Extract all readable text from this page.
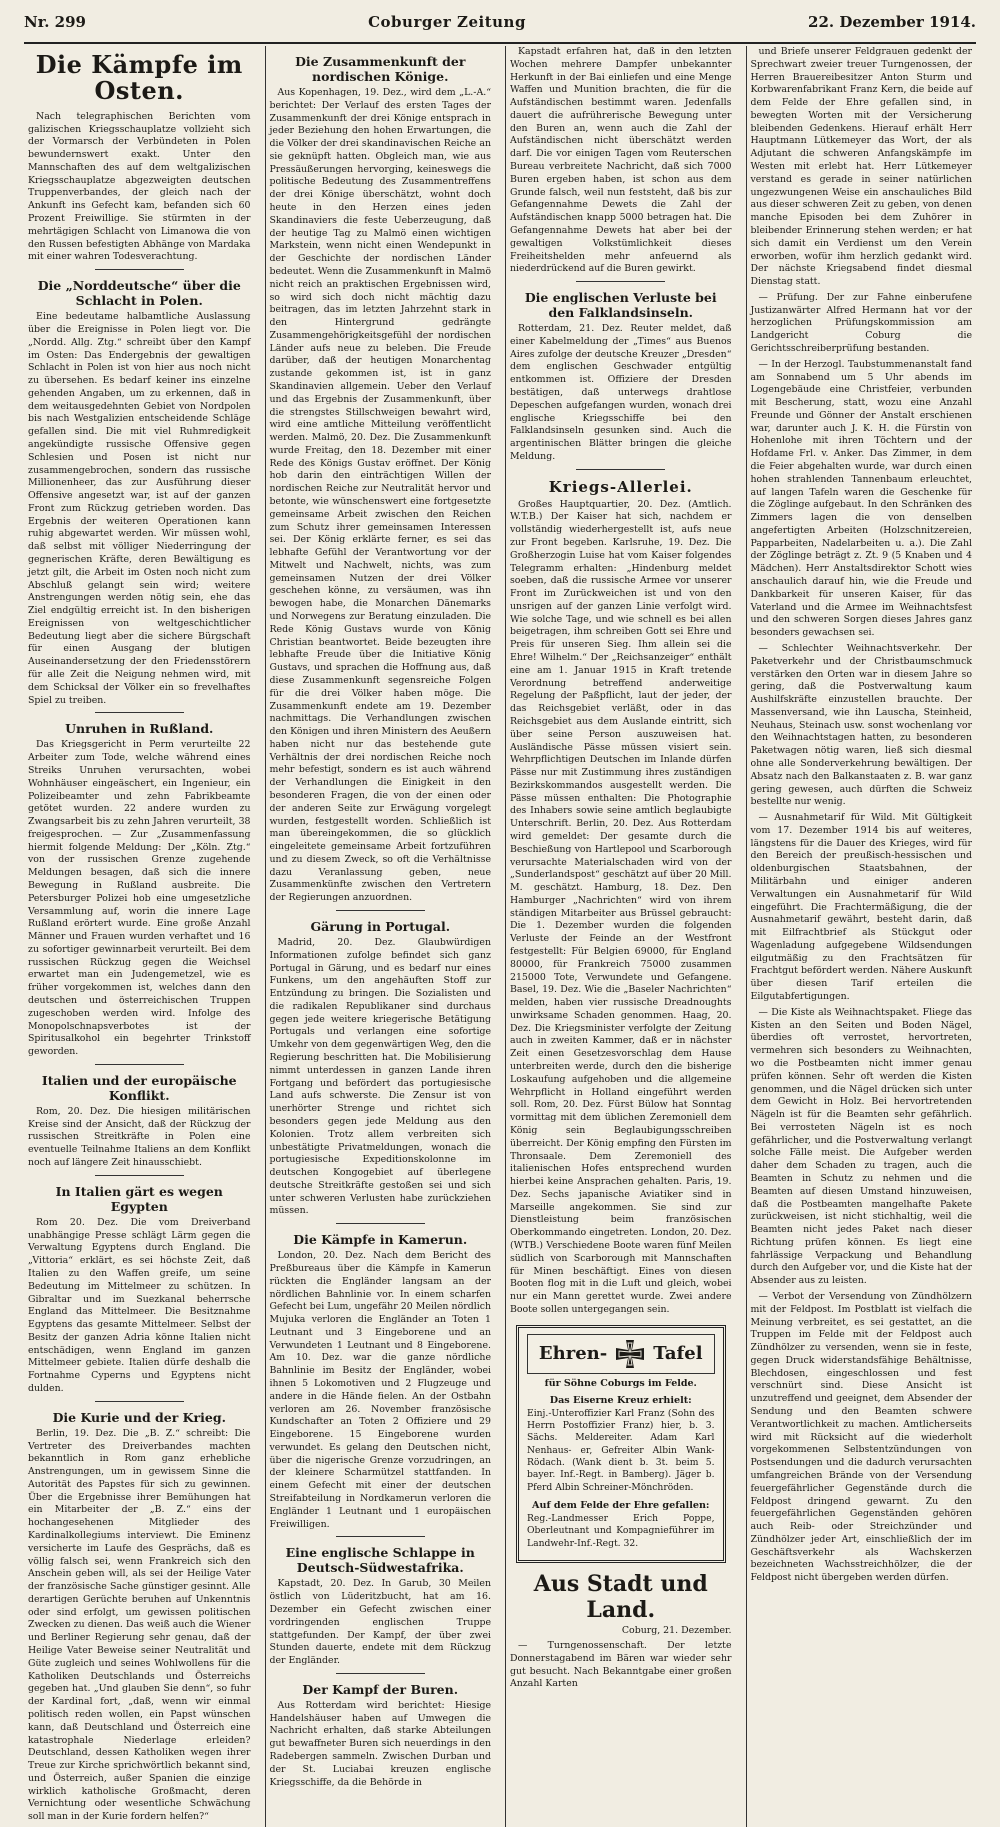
Nr. 299	Coburger Zeitung	22. Dezember 1914.
Die Kämpfe im Osten.

Nach telegraphischen Berichten vom galizischen Kriegsschauplatze vollzieht sich der Vormarsch der Verbündeten in Polen bewundernswert exakt. Unter den Mannschaften des auf dem weltgalizischen Kriegsschauplatze abgezweigten deutschen Truppenverbandes, der gleich nach der Ankunft ins Gefecht kam, befanden sich 60 Prozent Freiwillige. Sie stürmten in der mehrtägigen Schlacht von Limanowa die von den Russen befestigten Abhänge von Mardaka mit einer wahren Todesverachtung.

Die „Norddeutsche“ über die Schlacht in Polen.

Eine bedeutame halbamtliche Auslassung über die Ereignisse in Polen liegt vor. Die „Nordd. Allg. Ztg.“ schreibt über den Kampf im Osten: Das Endergebnis der gewaltigen Schlacht in Polen ist von hier aus noch nicht zu übersehen. Es bedarf keiner ins einzelne gehenden Angaben, um zu erkennen, daß in dem weitausgedehnten Gebiet von Nordpolen bis nach Westgalizien entscheidende Schläge gefallen sind. Die mit viel Ruhmredigkeit angekündigte russische Offensive gegen Schlesien und Posen ist nicht nur zusammengebrochen, sondern das russische Millionenheer, das zur Ausführung dieser Offensive angesetzt war, ist auf der ganzen Front zum Rückzug getrieben worden. Das Ergebnis der weiteren Operationen kann ruhig abgewartet werden. Wir müssen wohl, daß selbst mit völliger Niederringung der gegnerischen Kräfte, deren Bewältigung es jetzt gilt, die Arbeit im Osten noch nicht zum Abschluß gelangt sein wird; weitere Anstrengungen werden nötig sein, ehe das Ziel endgültig erreicht ist. In den bisherigen Ereignissen von weltgeschichtlicher Bedeutung liegt aber die sichere Bürgschaft für einen Ausgang der blutigen Auseinandersetzung der den Friedensstörern für alle Zeit die Neigung nehmen wird, mit dem Schicksal der Völker ein so frevelhaftes Spiel zu treiben.

Unruhen in Rußland.

Das Kriegsgericht in Perm verurteilte 22 Arbeiter zum Tode, welche während eines Streiks Unruhen verursachten, wobei Wohnhäuser eingeäschert, ein Ingenieur, ein Polizeibeamter und zehn Fabrikbeamte getötet wurden. 22 andere wurden zu Zwangsarbeit bis zu zehn Jahren verurteilt, 38 freigesprochen. — Zur „Zusammenfassung hiermit folgende Meldung: Der „Köln. Ztg.“ von der russischen Grenze zugehende Meldungen besagen, daß sich die innere Bewegung in Rußland ausbreite. Die Petersburger Polizei hob eine umgesetzliche Versammlung auf, worin die innere Lage Rußland erörtert wurde. Eine große Anzahl Männer und Frauen wurden verhaftet und 16 zu sofortiger gewinnarbeit verurteilt. Bei dem russischen Rückzug gegen die Weichsel erwartet man ein Judengemetzel, wie es früher vorgekommen ist, welches dann den deutschen und österreichischen Truppen zugeschoben werden wird. Infolge des Monopolschnapsverbotes ist der Spiritusalkohol ein begehrter Trinkstoff geworden.

Italien und der europäische Konflikt.

Rom, 20. Dez. Die hiesigen militärischen Kreise sind der Ansicht, daß der Rückzug der russischen Streitkräfte in Polen eine eventuelle Teilnahme Italiens an dem Konflikt noch auf längere Zeit hinausschiebt.

In Italien gärt es wegen Egypten

Rom 20. Dez. Die vom Dreiverband unabhängige Presse schlägt Lärm gegen die Verwaltung Egyptens durch England. Die „Vittoria“ erklärt, es sei höchste Zeit, daß Italien zu den Waffen greife, um seine Bedeutung im Mittelmeer zu schützen. In Gibraltar und im Suezkanal beherrsche England das Mittelmeer. Die Besitznahme Egyptens das gesamte Mittelmeer. Selbst der Besitz der ganzen Adria könne Italien nicht entschädigen, wenn England im ganzen Mittelmeer gebiete. Italien dürfe deshalb die Fortnahme Cyperns und Egyptens nicht dulden.

Die Kurie und der Krieg.

Berlin, 19. Dez. Die „B. Z.“ schreibt: Die Vertreter des Dreiverbandes machten bekanntlich in Rom ganz erhebliche Anstrengungen, um in gewissem Sinne die Autorität des Papstes für sich zu gewinnen. Über die Ergebnisse ihrer Bemühungen hat ein Mitarbeiter der „B. Z.“ eins der hochangesehenen Mitglieder des Kardinalkollegiums interviewt. Die Eminenz versicherte im Laufe des Gesprächs, daß es völlig falsch sei, wenn Frankreich sich den Anschein geben will, als sei der Heilige Vater der französische Sache günstiger gesinnt. Alle derartigen Gerüchte beruhen auf Unkenntnis oder sind erfolgt, um gewissen politischen Zwecken zu dienen. Das weiß auch die Wiener und Berliner Regierung sehr genau, daß der Heilige Vater Beweise seiner Neutralität und Güte zugleich und seines Wohlwollens für die Katholiken Deutschlands und Österreichs gegeben hat. „Und glauben Sie denn“, so fuhr der Kardinal fort, „daß, wenn wir einmal politisch reden wollen, ein Papst wünschen kann, daß Deutschland und Österreich eine katastrophale Niederlage erleiden? Deutschland, dessen Katholiken wegen ihrer Treue zur Kirche sprichwörtlich bekannt sind, und Österreich, außer Spanien die einzige wirklich katholische Großmacht, deren Vernichtung oder wesentliche Schwächung soll man in der Kurie fordern helfen?“

Die Zusammenkunft der nordischen Könige.

Aus Kopenhagen, 19. Dez., wird dem „L.-A.“ berichtet: Der Verlauf des ersten Tages der Zusammenkunft der drei Könige entsprach in jeder Beziehung den hohen Erwartungen, die die Völker der drei skandinavischen Reiche an sie geknüpft hatten. Obgleich man, wie aus Pressäußerungen hervorging, keineswegs die politische Bedeutung des Zusammentreffens der drei Könige überschätzt, wohnt doch heute in den Herzen eines jeden Skandinaviers die feste Ueberzeugung, daß der heutige Tag zu Malmö einen wichtigen Markstein, wenn nicht einen Wendepunkt in der Geschichte der nordischen Länder bedeutet. Wenn die Zusammenkunft in Malmö nicht reich an praktischen Ergebnissen wird, so wird sich doch nicht mächtig dazu beitragen, das im letzten Jahrzehnt stark in den Hintergrund gedrängte Zusammengehörigkeitsgefühl der nordischen Länder aufs neue zu beleben. Die Freude darüber, daß der heutigen Monarchentag zustande gekommen ist, ist in ganz Skandinavien allgemein. Ueber den Verlauf und das Ergebnis der Zusammenkunft, über die strengstes Stillschweigen bewahrt wird, wird eine amtliche Mitteilung veröffentlicht werden. Malmö, 20. Dez. Die Zusammenkunft wurde Freitag, den 18. Dezember mit einer Rede des Königs Gustav eröffnet. Der König hob darin den einträchtigen Willen der nordischen Reiche zur Neutralität hervor und betonte, wie wünschenswert eine fortgesetzte gemeinsame Arbeit zwischen den Reichen zum Schutz ihrer gemeinsamen Interessen sei. Der König erklärte ferner, es sei das lebhafte Gefühl der Verantwortung vor der Mitwelt und Nachwelt, nichts, was zum gemeinsamen Nutzen der drei Völker geschehen könne, zu versäumen, was ihn bewogen habe, die Monarchen Dänemarks und Norwegens zur Beratung einzuladen. Die Rede König Gustavs wurde von König Christian beantwortet. Beide bezeugten ihre lebhafte Freude über die Initiative König Gustavs, und sprachen die Hoffnung aus, daß diese Zusammenkunft segensreiche Folgen für die drei Völker haben möge. Die Zusammenkunft endete am 19. Dezember nachmittags. Die Verhandlungen zwischen den Königen und ihren Ministern des Aeußern haben nicht nur das bestehende gute Verhältnis der drei nordischen Reiche noch mehr befestigt, sondern es ist auch während der Verhandlungen die Einigkeit in den besonderen Fragen, die von der einen oder der anderen Seite zur Erwägung vorgelegt wurden, festgestellt worden. Schließlich ist man übereingekommen, die so glücklich eingeleitete gemeinsame Arbeit fortzuführen und zu diesem Zweck, so oft die Verhältnisse dazu Veranlassung geben, neue Zusammenkünfte zwischen den Vertretern der Regierungen anzuordnen.

Gärung in Portugal.

Madrid, 20. Dez. Glaubwürdigen Informationen zufolge befindet sich ganz Portugal in Gärung, und es bedarf nur eines Funkens, um den angehäuften Stoff zur Entzündung zu bringen. Die Sozialisten und die radikalen Republikaner sind durchaus gegen jede weitere kriegerische Betätigung Portugals und verlangen eine sofortige Umkehr von dem gegenwärtigen Weg, den die Regierung beschritten hat. Die Mobilisierung nimmt unterdessen in ganzen Lande ihren Fortgang und befördert das portugiesische Land aufs schwerste. Die Zensur ist von unerhörter Strenge und richtet sich besonders gegen jede Meldung aus den Kolonien. Trotz allem verbreiten sich unbestätigte Privatmeldungen, wonach die portugiesische Expeditionskolonne im deutschen Kongogebiet auf überlegene deutsche Streitkräfte gestoßen sei und sich unter schweren Verlusten habe zurückziehen müssen.

Die Kämpfe in Kamerun.

London, 20. Dez. Nach dem Bericht des Preßbureaus über die Kämpfe in Kamerun rückten die Engländer langsam an der nördlichen Bahnlinie vor. In einem scharfen Gefecht bei Lum, ungefähr 20 Meilen nördlich Mujuka verloren die Engländer an Toten 1 Leutnant und 3 Eingeborene und an Verwundeten 1 Leutnant und 8 Eingeborene. Am 10. Dez. war die ganze nördliche Bahnlinie im Besitz der Engländer, wobei ihnen 5 Lokomotiven und 2 Flugzeuge und andere in die Hände fielen. An der Ostbahn verloren am 26. November französische Kundschafter an Toten 2 Offiziere und 29 Eingeborene. 15 Eingeborene wurden verwundet. Es gelang den Deutschen nicht, über die nigerische Grenze vorzudringen, an der kleinere Scharmützel stattfanden. In einem Gefecht mit einer der deutschen Streifabteilung in Nordkamerun verloren die Engländer 1 Leutnant und 1 europäischen Freiwilligen.

Eine englische Schlappe in Deutsch-Südwestafrika.

Kapstadt, 20. Dez. In Garub, 30 Meilen östlich von Lüderitzbucht, hat am 16. Dezember ein Gefecht zwischen einer vordringenden englischen Truppe stattgefunden. Der Kampf, der über zwei Stunden dauerte, endete mit dem Rückzug der Engländer.

Der Kampf der Buren.

Aus Rotterdam wird berichtet: Hiesige Handelshäuser haben auf Umwegen die Nachricht erhalten, daß starke Abteilungen gut bewaffneter Buren sich neuerdings in den Radebergen sammeln. Zwischen Durban und der St. Luciabai kreuzen englische Kriegsschiffe, da die Behörde in

Kapstadt erfahren hat, daß in den letzten Wochen mehrere Dampfer unbekannter Herkunft in der Bai einliefen und eine Menge Waffen und Munition brachten, die für die Aufständischen bestimmt waren. Jedenfalls dauert die aufrührerische Bewegung unter den Buren an, wenn auch die Zahl der Aufständischen nicht überschätzt werden darf. Die vor einigen Tagen vom Reuterschen Bureau verbreitete Nachricht, daß sich 7000 Buren ergeben haben, ist schon aus dem Grunde falsch, weil nun feststeht, daß bis zur Gefangennahme Dewets die Zahl der Aufständischen knapp 5000 betragen hat. Die Gefangennahme Dewets hat aber bei der gewaltigen Volkstümlichkeit dieses Freiheitshelden mehr anfeuernd als niederdrückend auf die Buren gewirkt.

Die englischen Verluste bei den Falklandsinseln.

Rotterdam, 21. Dez. Reuter meldet, daß einer Kabelmeldung der „Times“ aus Buenos Aires zufolge der deutsche Kreuzer „Dresden“ dem englischen Geschwader entgültig entkommen ist. Offiziere der Dresden bestätigen, daß unterwegs drahtlose Depeschen aufgefangen wurden, wonach drei englische Kriegsschiffe bei den Falklandsinseln gesunken sind. Auch die argentinischen Blätter bringen die gleiche Meldung.

Kriegs-Allerlei.

Großes Hauptquartier, 20. Dez. (Amtlich. W.T.B.) Der Kaiser hat sich, nachdem er vollständig wiederhergestellt ist, aufs neue zur Front begeben. Karlsruhe, 19. Dez. Die Großherzogin Luise hat vom Kaiser folgendes Telegramm erhalten: „Hindenburg meldet soeben, daß die russische Armee vor unserer Front im Zurückweichen ist und von den unsrigen auf der ganzen Linie verfolgt wird. Wie solche Tage, und wie schnell es bei allen beigetragen, ihm schreiben Gott sei Ehre und Preis für unseren Sieg. Ihm allein sei die Ehre! Wilhelm.“ Der „Reichsanzeiger“ enthält eine am 1. Januar 1915 in Kraft tretende Verordnung betreffend anderweitige Regelung der Paßpflicht, laut der jeder, der das Reichsgebiet verläßt, oder in das Reichsgebiet aus dem Auslande eintritt, sich über seine Person auszuweisen hat. Ausländische Pässe müssen visiert sein. Wehrpflichtigen Deutschen im Inlande dürfen Pässe nur mit Zustimmung ihres zuständigen Bezirkskommandos ausgestellt werden. Die Pässe müssen enthalten: Die Photographie des Inhabers sowie seine amtlich beglaubigte Unterschrift. Berlin, 20. Dez. Aus Rotterdam wird gemeldet: Der gesamte durch die Beschießung von Hartlepool und Scarborough verursachte Materialschaden wird von der „Sunderlandspost“ geschätzt auf über 20 Mill. M. geschätzt. Hamburg, 18. Dez. Den Hamburger „Nachrichten“ wird von ihrem ständigen Mitarbeiter aus Brüssel gebraucht: Die 1. Dezember wurden die folgenden Verluste der Feinde an der Westfront festgestellt: Für Belgien 69000, für England 80000, für Frankreich 75000 zusammen 215000 Tote, Verwundete und Gefangene. Basel, 19. Dez. Wie die „Baseler Nachrichten“ melden, haben vier russische Dreadnoughts unwirksame Schaden genommen. Haag, 20. Dez. Die Kriegsminister verfolgte der Zeitung auch in zweiten Kammer, daß er in nächster Zeit einen Gesetzesvorschlag dem Hause unterbreiten werde, durch den die bisherige Loskaufung aufgehoben und die allgemeine Wehrpflicht in Holland eingeführt werden soll. Rom, 20. Dez. Fürst Bülow hat Sonntag vormittag mit dem üblichen Zeremoniell dem König sein Beglaubigungsschreiben überreicht. Der König empfing den Fürsten im Thronsaale. Dem Zeremoniell des italienischen Hofes entsprechend wurden hierbei keine Ansprachen gehalten. Paris, 19. Dez. Sechs japanische Aviatiker sind in Marseille angekommen. Sie sind zur Dienstleistung beim französischen Oberkommando eingetreten. London, 20. Dez. (WTB.) Verschiedene Boote waren fünf Meilen südlich von Scarborough mit Mannschaften für Minen beschäftigt. Eines von diesen Booten flog mit in die Luft und gleich, wobei nur ein Mann gerettet wurde. Zwei andere Boote sollen untergegangen sein.

Ehren-	Tafel
für Söhne Coburgs im Felde.
Das Eiserne Kreuz erhielt:

Einj.-Unteroffizier Karl Franz (Sohn des Herrn Postoffizier Franz) hier, b. 3. Sächs. Meldereiter. Adam Karl Nenhaus- er, Gefreiter Albin Wank-Rödach. (Wank dient b. 3t. beim 5. bayer. Inf.-Regt. in Bamberg). Jäger b. Pferd Albin Schreiner-Mönchröden.

Auf dem Felde der Ehre gefallen:

Reg.-Landmesser Erich Poppe, Oberleutnant und Kompagnieführer im Landwehr-Inf.-Regt. 32.

Aus Stadt und Land.
Coburg, 21. Dezember.

— Turngenossenschaft. Der letzte Donnerstagabend im Bären war wieder sehr gut besucht. Nach Bekanntgabe einer großen Anzahl Karten

und Briefe unserer Feldgrauen gedenkt der Sprechwart zweier treuer Turngenossen, der Herren Brauereibesitzer Anton Sturm und Korbwarenfabrikant Franz Kern, die beide auf dem Felde der Ehre gefallen sind, in bewegten Worten mit der Versicherung bleibenden Gedenkens. Hierauf erhält Herr Hauptmann Lütkemeyer das Wort, der als Adjutant die schweren Anfangskämpfe im Westen mit erlebt hat. Herr Lütkemeyer verstand es gerade in seiner natürlichen ungezwungenen Weise ein anschauliches Bild aus dieser schweren Zeit zu geben, von denen manche Episoden bei dem Zuhörer in bleibender Erinnerung stehen werden; er hat sich damit ein Verdienst um den Verein erworben, wofür ihm herzlich gedankt wird. Der nächste Kriegsabend findet diesmal Dienstag statt.

— Prüfung. Der zur Fahne einberufene Justizanwärter Alfred Hermann hat vor der herzoglichen Prüfungskommission am Landgericht Coburg die Gerichtsschreiberprüfung bestanden.

— In der Herzogl. Taubstummenanstalt fand am Sonnabend um 5 Uhr abends im Logengebäude eine Christfeier, verbunden mit Bescherung, statt, wozu eine Anzahl Freunde und Gönner der Anstalt erschienen war, darunter auch J. K. H. die Fürstin von Hohenlohe mit ihren Töchtern und der Hofdame Frl. v. Anker. Das Zimmer, in dem die Feier abgehalten wurde, war durch einen hohen strahlenden Tannenbaum erleuchtet, auf langen Tafeln waren die Geschenke für die Zöglinge aufgebaut. In den Schränken des Zimmers lagen die von denselben angefertigten Arbeiten (Holzschnitzereien, Papparbeiten, Nadelarbeiten u. a.). Die Zahl der Zöglinge beträgt z. Zt. 9 (5 Knaben und 4 Mädchen). Herr Anstaltsdirektor Schott wies anschaulich darauf hin, wie die Freude und Dankbarkeit für unseren Kaiser, für das Vaterland und die Armee im Weihnachtsfest und den schweren Sorgen dieses Jahres ganz besonders gewachsen sei.

— Schlechter Weihnachtsverkehr. Der Paketverkehr und der Christbaumschmuck verstärken den Orten war in diesem Jahre so gering, daß die Postverwaltung kaum Aushilfskräfte einzustellen brauchte. Der Massenversand, wie ihn Lauscha, Steinheid, Neuhaus, Steinach usw. sonst wochenlang vor den Weihnachtstagen hatten, zu besonderen Paketwagen nötig waren, ließ sich diesmal ohne alle Sonderverkehrung bewältigen. Der Absatz nach den Balkanstaaten z. B. war ganz gering gewesen, auch dürften die Schweiz bestellte nur wenig.

— Ausnahmetarif für Wild. Mit Gültigkeit vom 17. Dezember 1914 bis auf weiteres, längstens für die Dauer des Krieges, wird für den Bereich der preußisch-hessischen und oldenburgischen Staatsbahnen, der Militärbahn und einiger anderen Verwaltungen ein Ausnahmetarif für Wild eingeführt. Die Frachtermäßigung, die der Ausnahmetarif gewährt, besteht darin, daß mit Eilfrachtbrief als Stückgut oder Wagenladung aufgegebene Wildsendungen eilgutmäßig zu den Frachtsätzen für Frachtgut befördert werden. Nähere Auskunft über diesen Tarif erteilen die Eilgutabfertigungen.

— Die Kiste als Weihnachtspaket. Fliege das Kisten an den Seiten und Boden Nägel, überdies oft verrostet, hervortreten, vermehren sich besonders zu Weihnachten, wo die Postbeamten nicht immer genau prüfen können. Sehr oft werden die Kisten genommen, und die Nägel drücken sich unter dem Gewicht in Holz. Bei hervortretenden Nägeln ist für die Beamten sehr gefährlich. Bei verrosteten Nägeln ist es noch gefährlicher, und die Postverwaltung verlangt solche Fälle meist. Die Aufgeber werden daher dem Schaden zu tragen, auch die Beamten in Schutz zu nehmen und die Beamten auf diesen Umstand hinzuweisen, daß die Postbeamten mangelhafte Pakete zurückweisen, ist nicht stichhaltig, weil die Beamten nicht jedes Paket nach dieser Richtung prüfen können. Es liegt eine fahrlässige Verpackung und Behandlung durch den Aufgeber vor, und die Kiste hat der Absender aus zu leisten.

— Verbot der Versendung von Zündhölzern mit der Feldpost. Im Postblatt ist vielfach die Meinung verbreitet, es sei gestattet, an die Truppen im Felde mit der Feldpost auch Zündhölzer zu versenden, wenn sie in feste, gegen Druck widerstandsfähige Behältnisse, Blechdosen, eingeschlossen und fest verschnürt sind. Diese Ansicht ist unzutreffend und geeignet, dem Absender der Sendung und den Beamten schwere Verantwortlichkeit zu machen. Amtlicherseits wird mit Rücksicht auf die wiederholt vorgekommenen Selbstentzündungen von Postsendungen und die dadurch verursachten umfangreichen Brände von der Versendung feuergefährlicher Gegenstände durch die Feldpost dringend gewarnt. Zu den feuergefährlichen Gegenständen gehören auch Reib- oder Streichzünder und Zündhölzer jeder Art, einschließlich der im Geschäftsverkehr als Wachskerzen bezeichneten Wachsstreichhölzer, die der Feldpost nicht übergeben werden dürfen.
